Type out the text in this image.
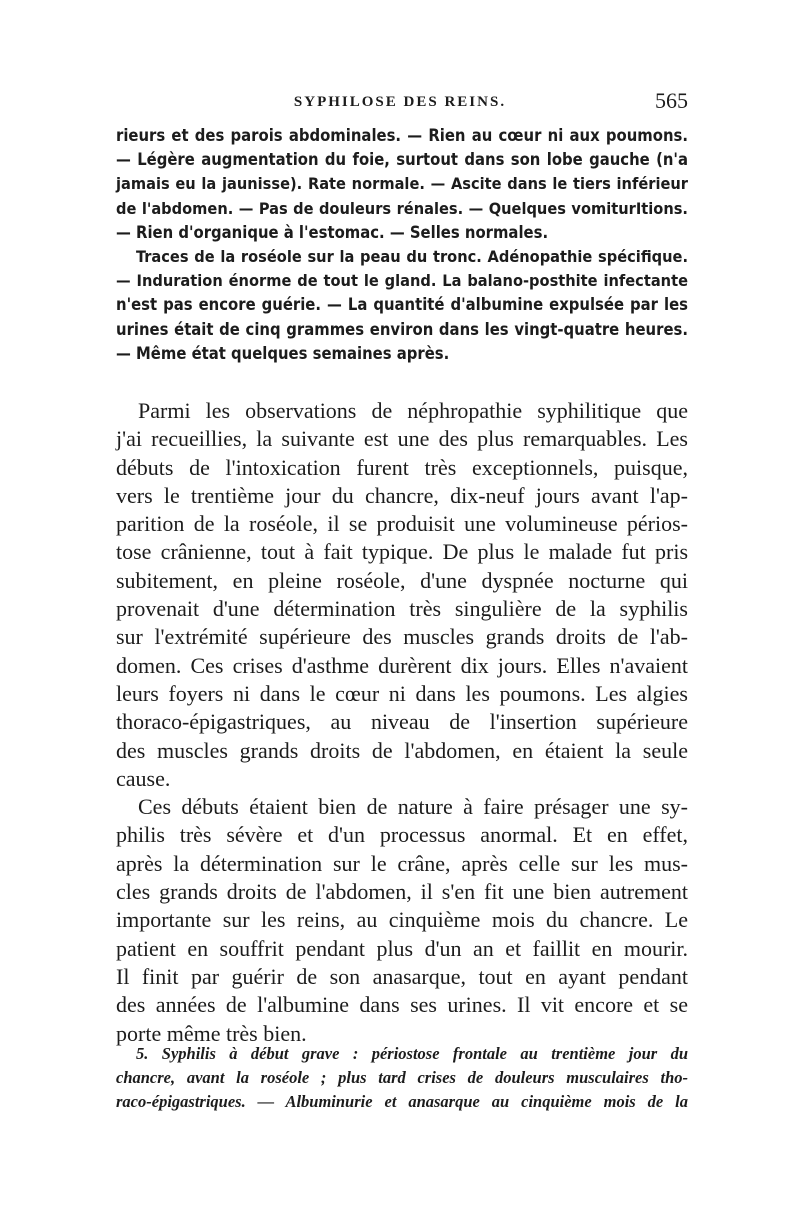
SYPHILOSE DES REINS.	565
rieurs et des parois abdominales. — Rien au cœur ni aux poumons.
— Légère augmentation du foie, surtout dans son lobe gauche (n'a
jamais eu la jaunisse). Rate normale. — Ascite dans le tiers inférieur
de l'abdomen. — Pas de douleurs rénales. — Quelques vomiturItions.
— Rien d'organique à l'estomac. — Selles normales.
Traces de la roséole sur la peau du tronc. Adénopathie spécifique.
— Induration énorme de tout le gland. La balano-posthite infectante
n'est pas encore guérie. — La quantité d'albumine expulsée par les
urines était de cinq grammes environ dans les vingt-quatre heures.
— Même état quelques semaines après.
Parmi les observations de néphropathie syphilitique que
j'ai recueillies, la suivante est une des plus remarquables. Les
débuts de l'intoxication furent très exceptionnels, puisque,
vers le trentième jour du chancre, dix-neuf jours avant l'ap-
parition de la roséole, il se produisit une volumineuse périos-
tose crânienne, tout à fait typique. De plus le malade fut pris
subitement, en pleine roséole, d'une dyspnée nocturne qui
provenait d'une détermination très singulière de la syphilis
sur l'extrémité supérieure des muscles grands droits de l'ab-
domen. Ces crises d'asthme durèrent dix jours. Elles n'avaient
leurs foyers ni dans le cœur ni dans les poumons. Les algies
thoraco-épigastriques, au niveau de l'insertion supérieure
des muscles grands droits de l'abdomen, en étaient la seule
cause.
Ces débuts étaient bien de nature à faire présager une sy-
philis très sévère et d'un processus anormal. Et en effet,
après la détermination sur le crâne, après celle sur les mus-
cles grands droits de l'abdomen, il s'en fit une bien autrement
importante sur les reins, au cinquième mois du chancre. Le
patient en souffrit pendant plus d'un an et faillit en mourir.
Il finit par guérir de son anasarque, tout en ayant pendant
des années de l'albumine dans ses urines. Il vit encore et se
porte même très bien.
5. Syphilis à début grave : périostose frontale au trentième jour du
chancre, avant la roséole ; plus tard crises de douleurs musculaires tho-
raco-épigastriques. — Albuminurie et anasarque au cinquième mois de la
